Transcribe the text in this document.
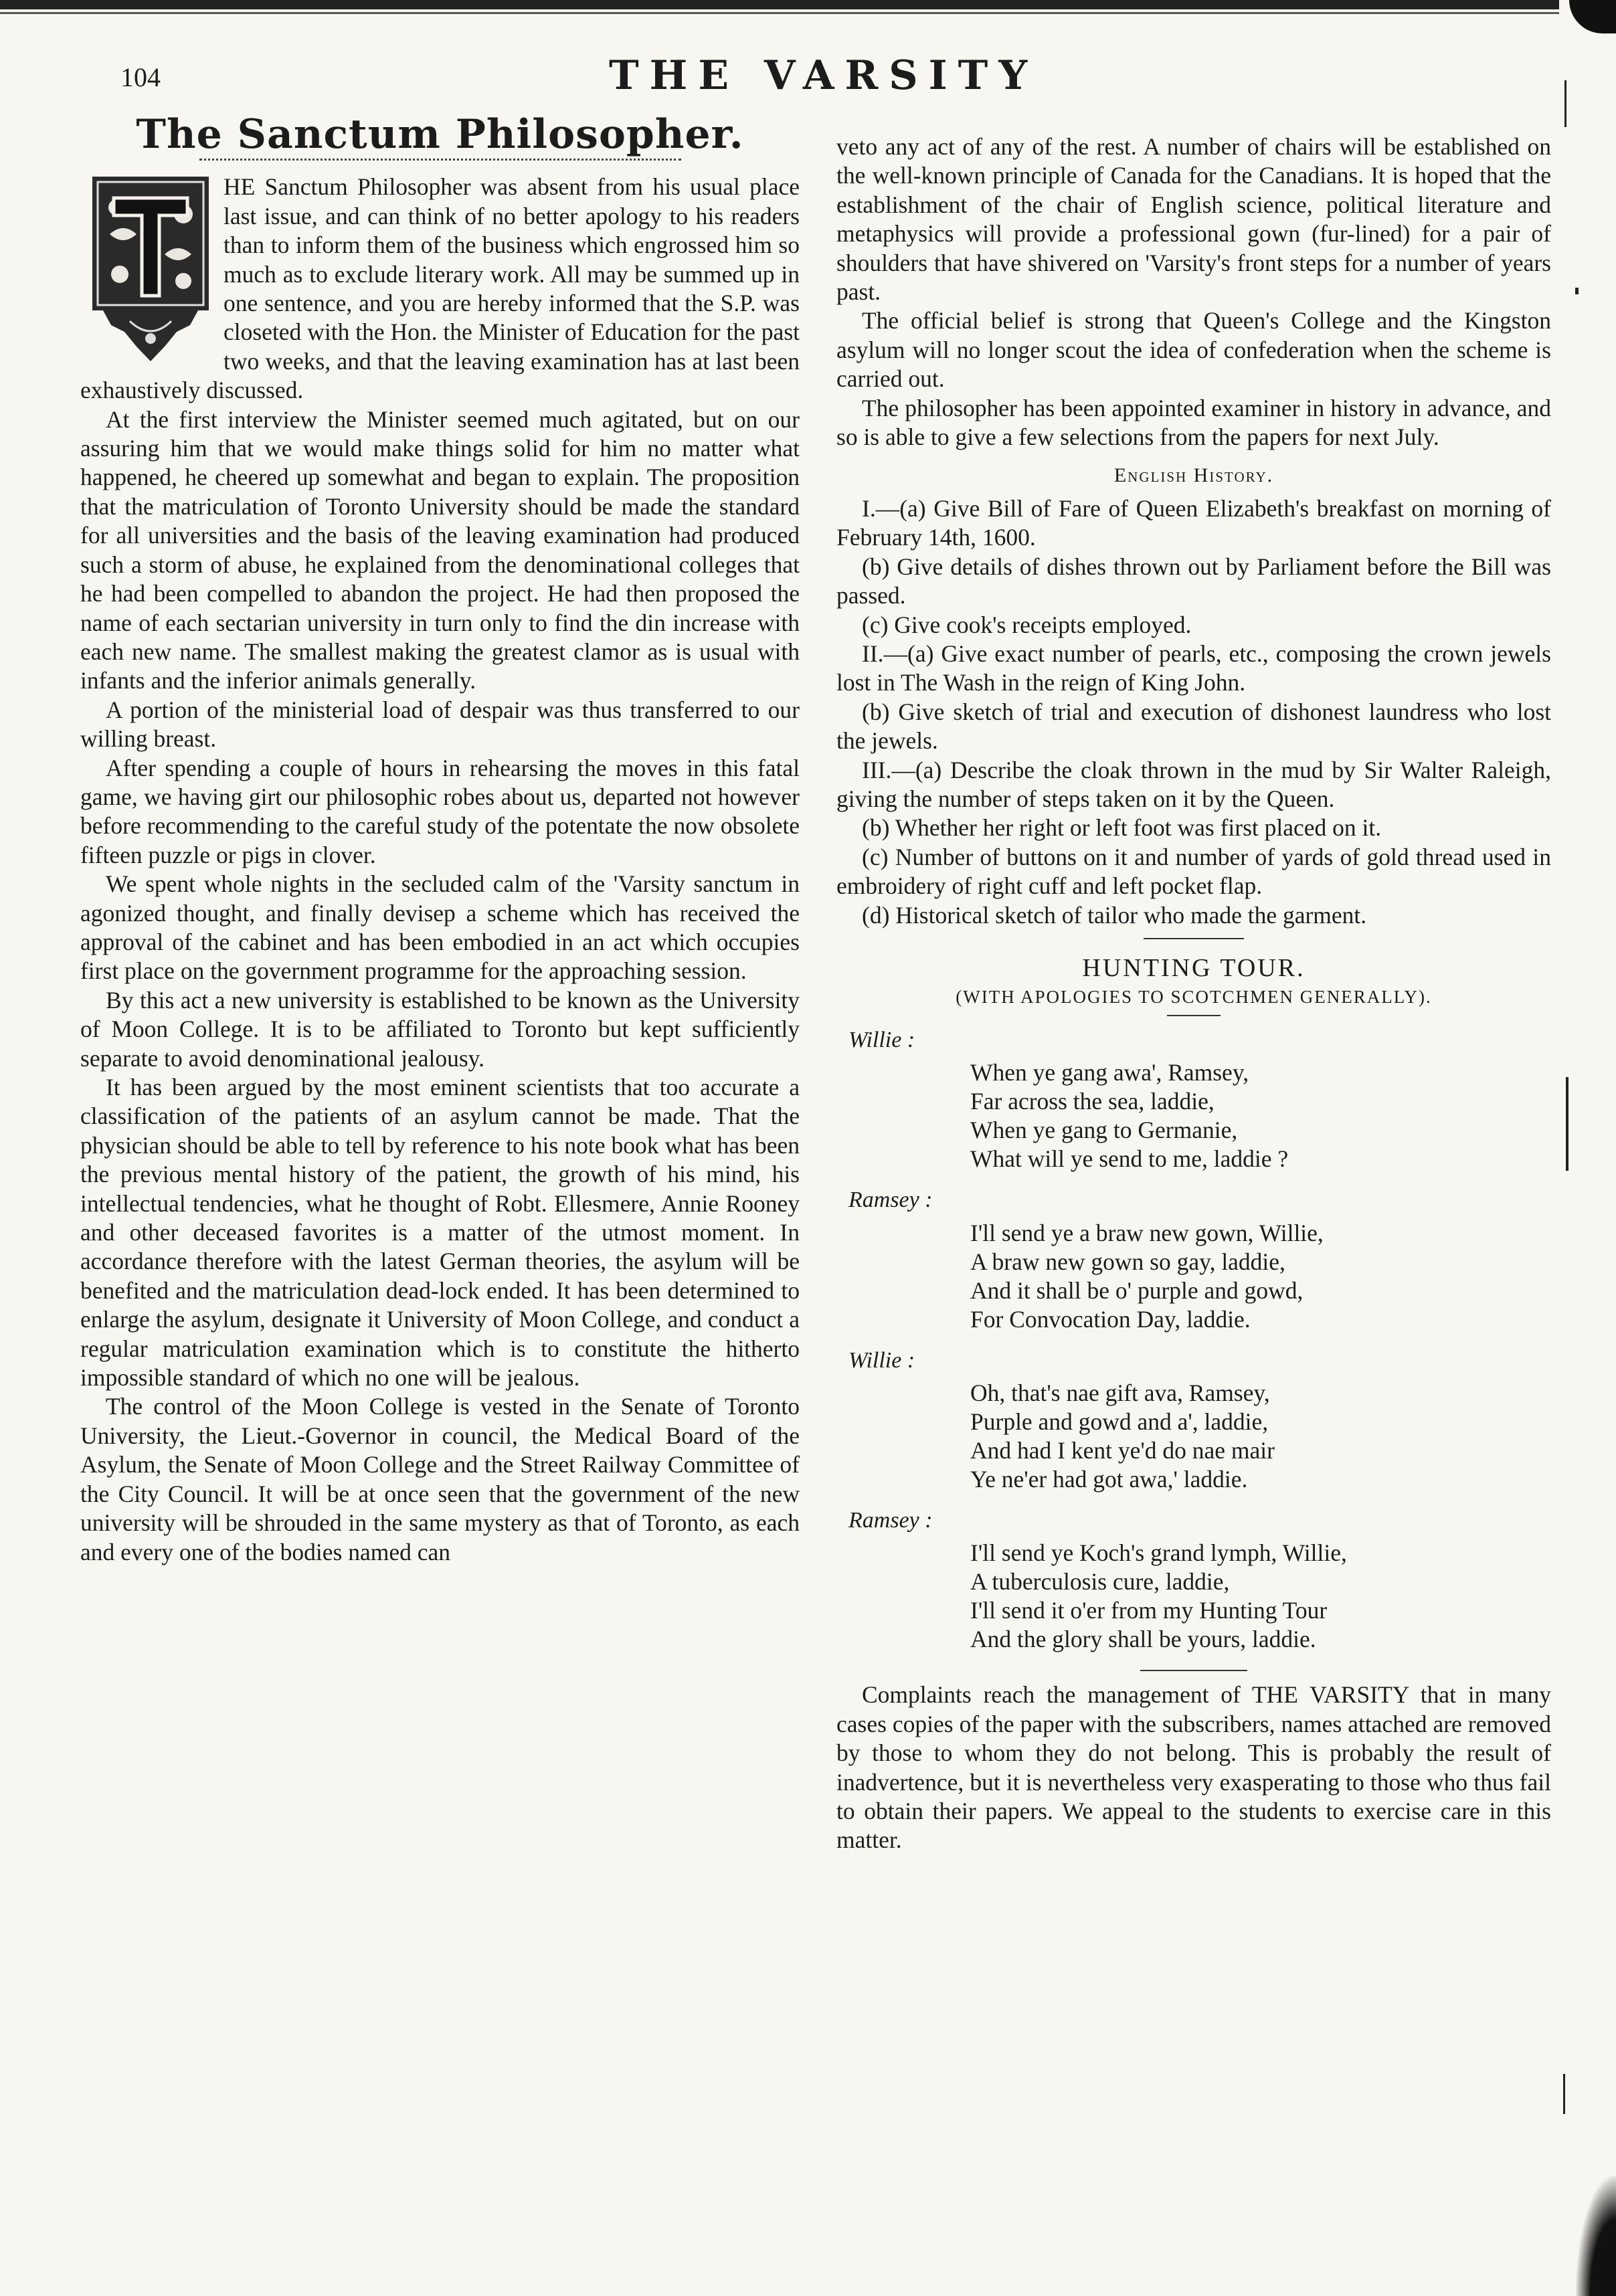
104	THE VARSITY
The Sanctum Philosopher.

HE Sanctum Philosopher was absent from his usual place last issue, and can think of no better apology to his readers than to inform them of the business which engrossed him so much as to exclude literary work. All may be summed up in one sentence, and you are hereby informed that the S.P. was closeted with the Hon. the Minister of Education for the past two weeks, and that the leaving examination has at last been exhaustively discussed.

At the first interview the Minister seemed much agitated, but on our assuring him that we would make things solid for him no matter what happened, he cheered up somewhat and began to explain. The proposition that the matriculation of Toronto University should be made the standard for all universities and the basis of the leaving examination had produced such a storm of abuse, he explained from the denominational colleges that he had been compelled to abandon the project. He had then proposed the name of each sectarian university in turn only to find the din increase with each new name. The smallest making the greatest clamor as is usual with infants and the inferior animals generally.

A portion of the ministerial load of despair was thus transferred to our willing breast.

After spending a couple of hours in rehearsing the moves in this fatal game, we having girt our philosophic robes about us, departed not however before recommending to the careful study of the potentate the now obsolete fifteen puzzle or pigs in clover.

We spent whole nights in the secluded calm of the 'Varsity sanctum in agonized thought, and finally devisep a scheme which has received the approval of the cabinet and has been embodied in an act which occupies first place on the government programme for the approaching session.

By this act a new university is established to be known as the University of Moon College. It is to be affiliated to Toronto but kept sufficiently separate to avoid denominational jealousy.

It has been argued by the most eminent scientists that too accurate a classification of the patients of an asylum cannot be made. That the physician should be able to tell by reference to his note book what has been the previous mental history of the patient, the growth of his mind, his intellectual tendencies, what he thought of Robt. Ellesmere, Annie Rooney and other deceased favorites is a matter of the utmost moment. In accordance therefore with the latest German theories, the asylum will be benefited and the matriculation dead-lock ended. It has been determined to enlarge the asylum, designate it University of Moon College, and conduct a regular matriculation examination which is to constitute the hitherto impossible standard of which no one will be jealous.

The control of the Moon College is vested in the Senate of Toronto University, the Lieut.-Governor in council, the Medical Board of the Asylum, the Senate of Moon College and the Street Railway Committee of the City Council. It will be at once seen that the government of the new university will be shrouded in the same mystery as that of Toronto, as each and every one of the bodies named can

veto any act of any of the rest. A number of chairs will be established on the well-known principle of Canada for the Canadians. It is hoped that the establishment of the chair of English science, political literature and metaphysics will provide a professional gown (fur-lined) for a pair of shoulders that have shivered on 'Varsity's front steps for a number of years past.

The official belief is strong that Queen's College and the Kingston asylum will no longer scout the idea of confederation when the scheme is carried out.

The philosopher has been appointed examiner in history in advance, and so is able to give a few selections from the papers for next July.

English History.

I.—(a) Give Bill of Fare of Queen Elizabeth's breakfast on morning of February 14th, 1600.

(b) Give details of dishes thrown out by Parliament before the Bill was passed.

(c) Give cook's receipts employed.

II.—(a) Give exact number of pearls, etc., composing the crown jewels lost in The Wash in the reign of King John.

(b) Give sketch of trial and execution of dishonest laundress who lost the jewels.

III.—(a) Describe the cloak thrown in the mud by Sir Walter Raleigh, giving the number of steps taken on it by the Queen.

(b) Whether her right or left foot was first placed on it.

(c) Number of buttons on it and number of yards of gold thread used in embroidery of right cuff and left pocket flap.

(d) Historical sketch of tailor who made the garment.

HUNTING TOUR.
(WITH APOLOGIES TO SCOTCHMEN GENERALLY).
Willie :
When ye gang awa', Ramsey,
Far across the sea, laddie,
When ye gang to Germanie,
What will ye send to me, laddie ?
Ramsey :
I'll send ye a braw new gown, Willie,
A braw new gown so gay, laddie,
And it shall be o' purple and gowd,
For Convocation Day, laddie.
Willie :
Oh, that's nae gift ava, Ramsey,
Purple and gowd and a', laddie,
And had I kent ye'd do nae mair
Ye ne'er had got awa,' laddie.
Ramsey :
I'll send ye Koch's grand lymph, Willie,
A tuberculosis cure, laddie,
I'll send it o'er from my Hunting Tour
And the glory shall be yours, laddie.

Complaints reach the management of THE VARSITY that in many cases copies of the paper with the subscribers, names attached are removed by those to whom they do not belong. This is probably the result of inadvertence, but it is nevertheless very exasperating to those who thus fail to obtain their papers. We appeal to the students to exercise care in this matter.
